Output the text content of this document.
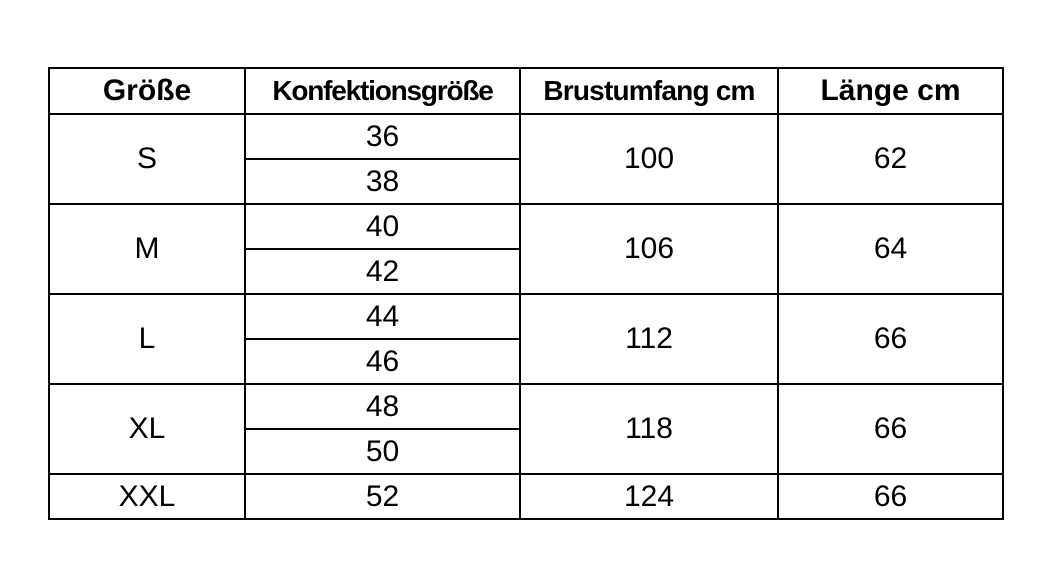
Größe	Konfektionsgröße	Brustumfang cm	Länge cm
S	36	100	62
	38		
M	40	106	64
	42		
L	44	112	66
	46		
XL	48	118	66
	50		
XXL	52	124	66
